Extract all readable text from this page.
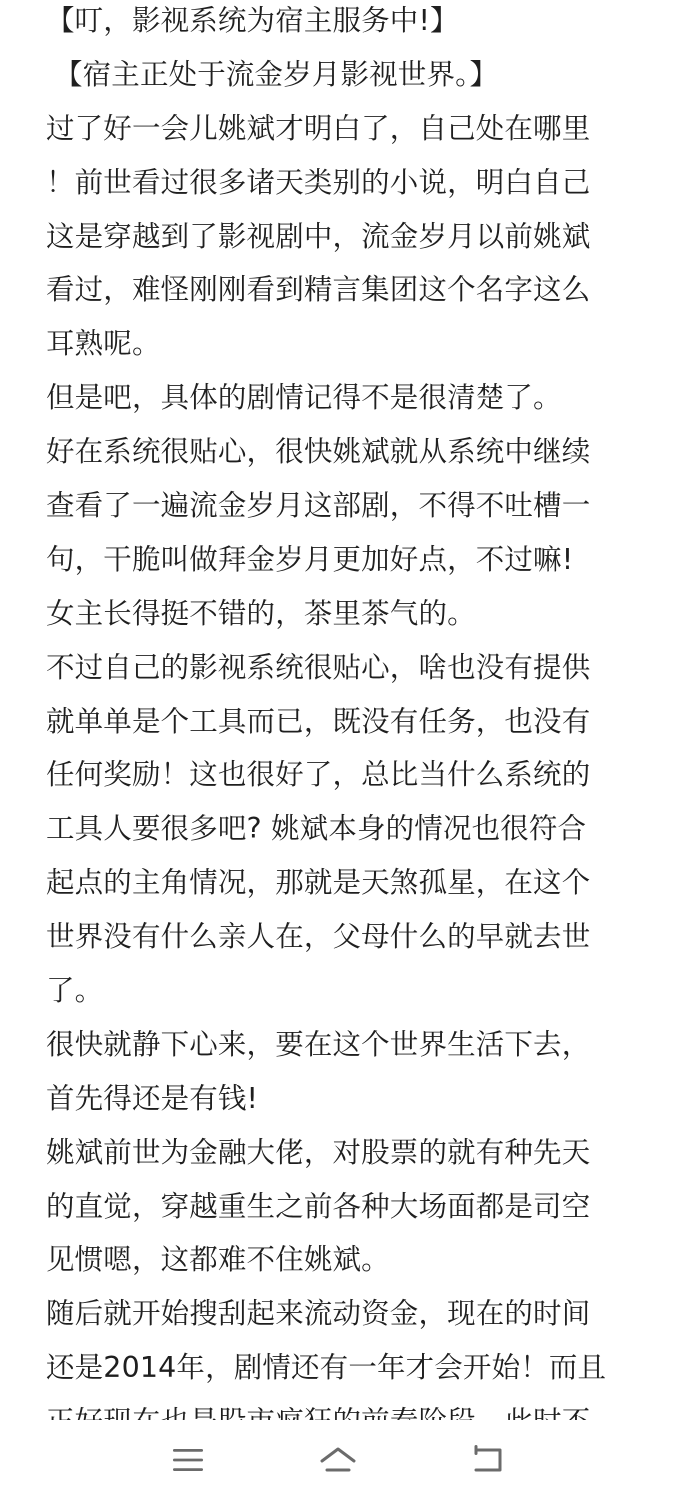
【叮，影视系统为宿主服务中!】
【宿主正处于流金岁月影视世界。】
过了好一会儿姚斌才明白了，自己处在哪里
！前世看过很多诸天类别的小说，明白自己
这是穿越到了影视剧中，流金岁月以前姚斌
看过，难怪刚刚看到精言集团这个名字这么
耳熟呢。
但是吧，具体的剧情记得不是很清楚了。
好在系统很贴心，很快姚斌就从系统中继续
查看了一遍流金岁月这部剧，不得不吐槽一
句，干脆叫做拜金岁月更加好点，不过嘛!
女主长得挺不错的，茶里茶气的。
不过自己的影视系统很贴心，啥也没有提供
就单单是个工具而已，既没有任务，也没有
任何奖励！这也很好了，总比当什么系统的
工具人要很多吧? 姚斌本身的情况也很符合
起点的主角情况，那就是天煞孤星，在这个
世界没有什么亲人在，父母什么的早就去世
了。
很快就静下心来，要在这个世界生活下去，
首先得还是有钱!
姚斌前世为金融大佬，对股票的就有种先天
的直觉，穿越重生之前各种大场面都是司空
见惯嗯，这都难不住姚斌。
随后就开始搜刮起来流动资金，现在的时间
还是2014年，剧情还有一年才会开始！而且
